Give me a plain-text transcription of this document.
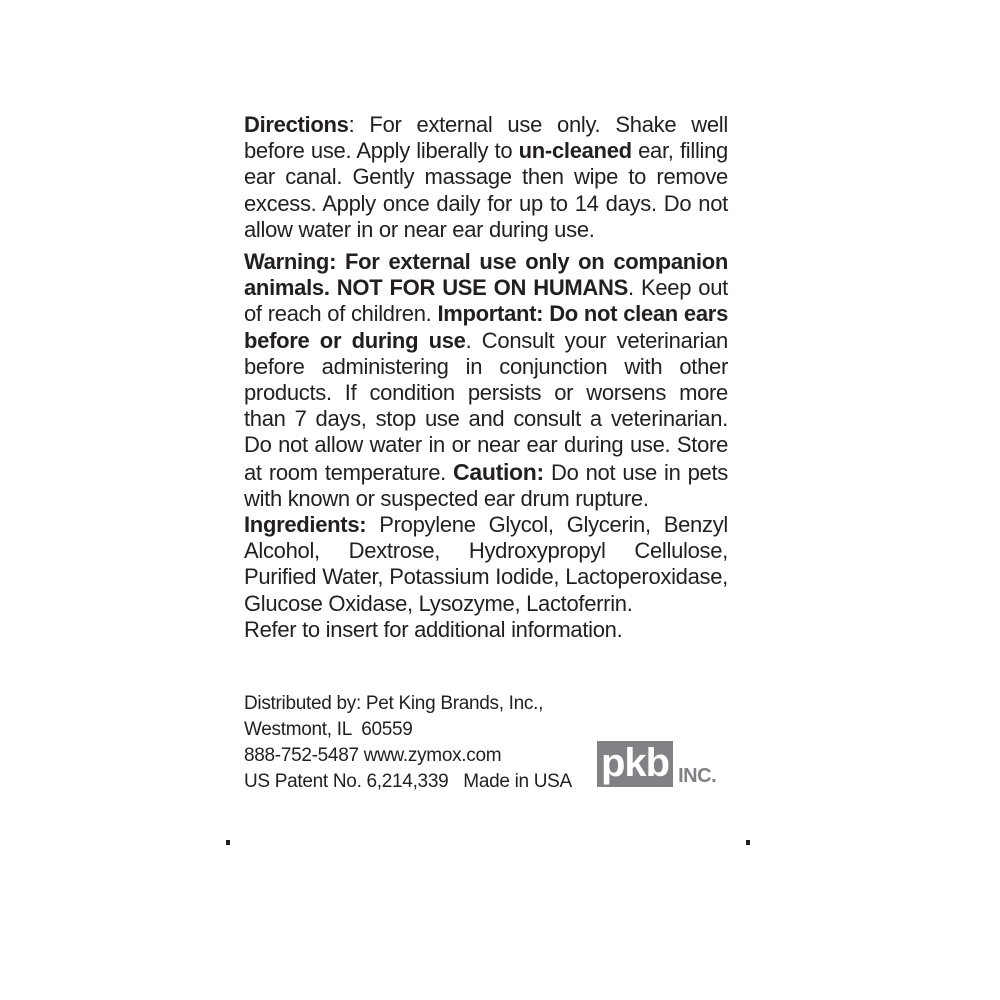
Directions: For external use only. Shake well before use. Apply liberally to un-cleaned ear, filling ear canal. Gently massage then wipe to remove excess. Apply once daily for up to 14 days. Do not allow water in or near ear during use.

Warning: For external use only on companion animals. NOT FOR USE ON HUMANS. Keep out of reach of children. Important: Do not clean ears before or during use. Consult your veterinarian before administering in conjunction with other products. If condition persists or worsens more than 7 days, stop use and consult a veterinarian. Do not allow water in or near ear during use. Store at room temperature. Caution: Do not use in pets with known or suspected ear drum rupture.

Ingredients: Propylene Glycol, Glycerin, Benzyl Alcohol, Dextrose, Hydroxypropyl Cellulose, Purified Water, Potassium Iodide, Lactoperoxidase, Glucose Oxidase, Lysozyme, Lactoferrin.

Refer to insert for additional information.

Distributed by: Pet King Brands, Inc.,
Westmont, IL  60559
888-752-5487 www.zymox.com
US Patent No. 6,214,339   Made in USA pkb INC.
